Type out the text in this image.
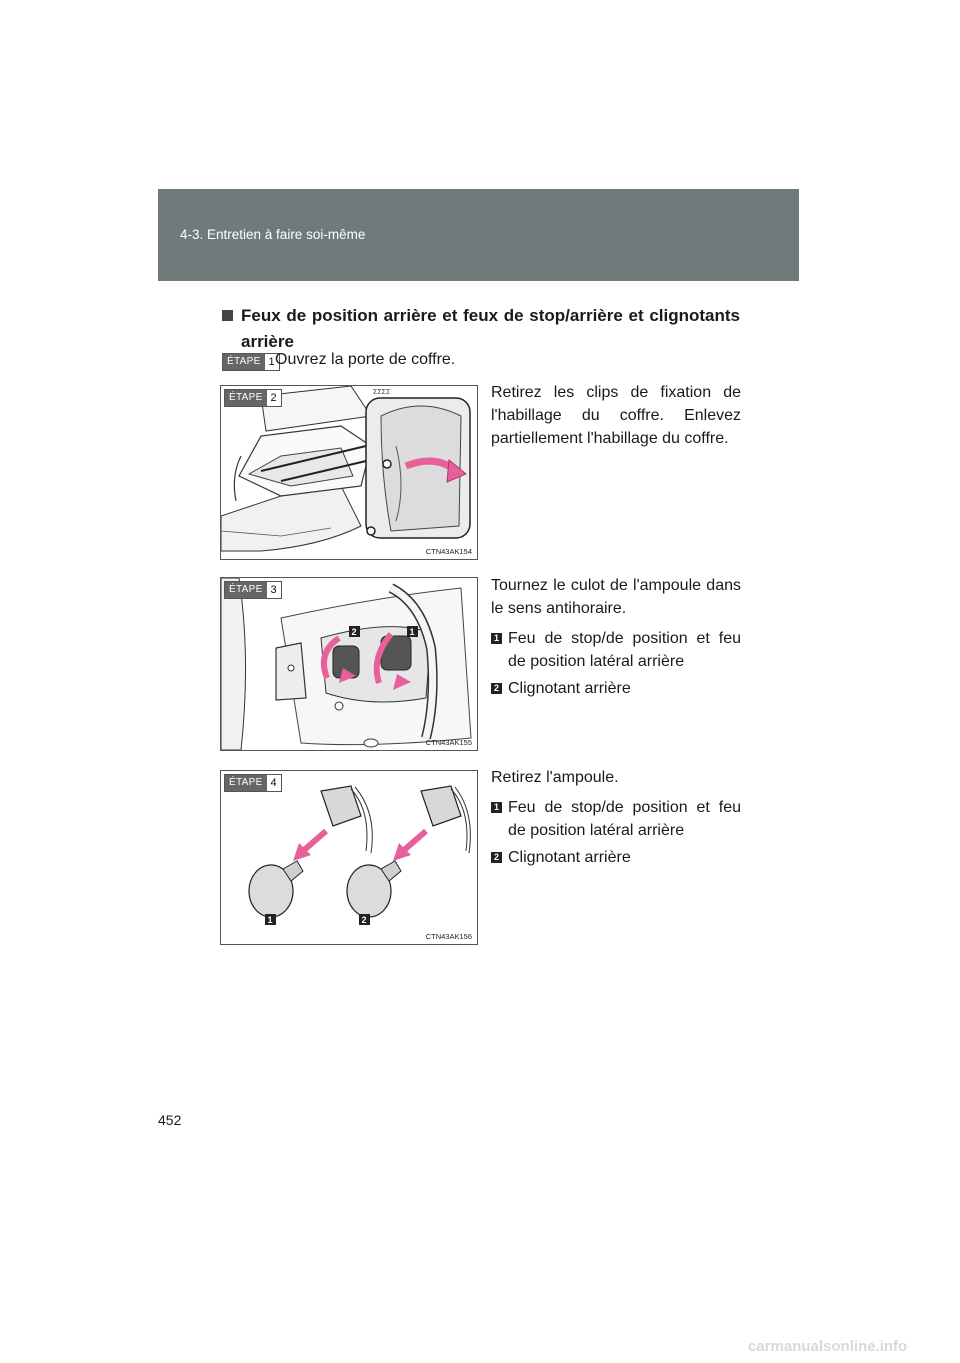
4-3. Entretien à faire soi-même
Feux de position arrière et feux de stop/arrière et clignotants arrière
ÉTAPE 1 Ouvrez la porte de coffre.
ΣΣΣΣ
ÉTAPE 2
CTN43AK154
Retirez les clips de fixation de l'habillage du coffre. Enlevez partiellement l'habillage du coffre.
2	1
ÉTAPE 3
CTN43AK155
Tournez le culot de l'ampoule dans le sens antihoraire.
1 Feu de stop/de position et feu de position latéral arrière
2 Clignotant arrière
1	2
ÉTAPE 4
CTN43AK156
Retirez l'ampoule.
1 Feu de stop/de position et feu de position latéral arrière
2 Clignotant arrière
452
carmanualsonline.info
